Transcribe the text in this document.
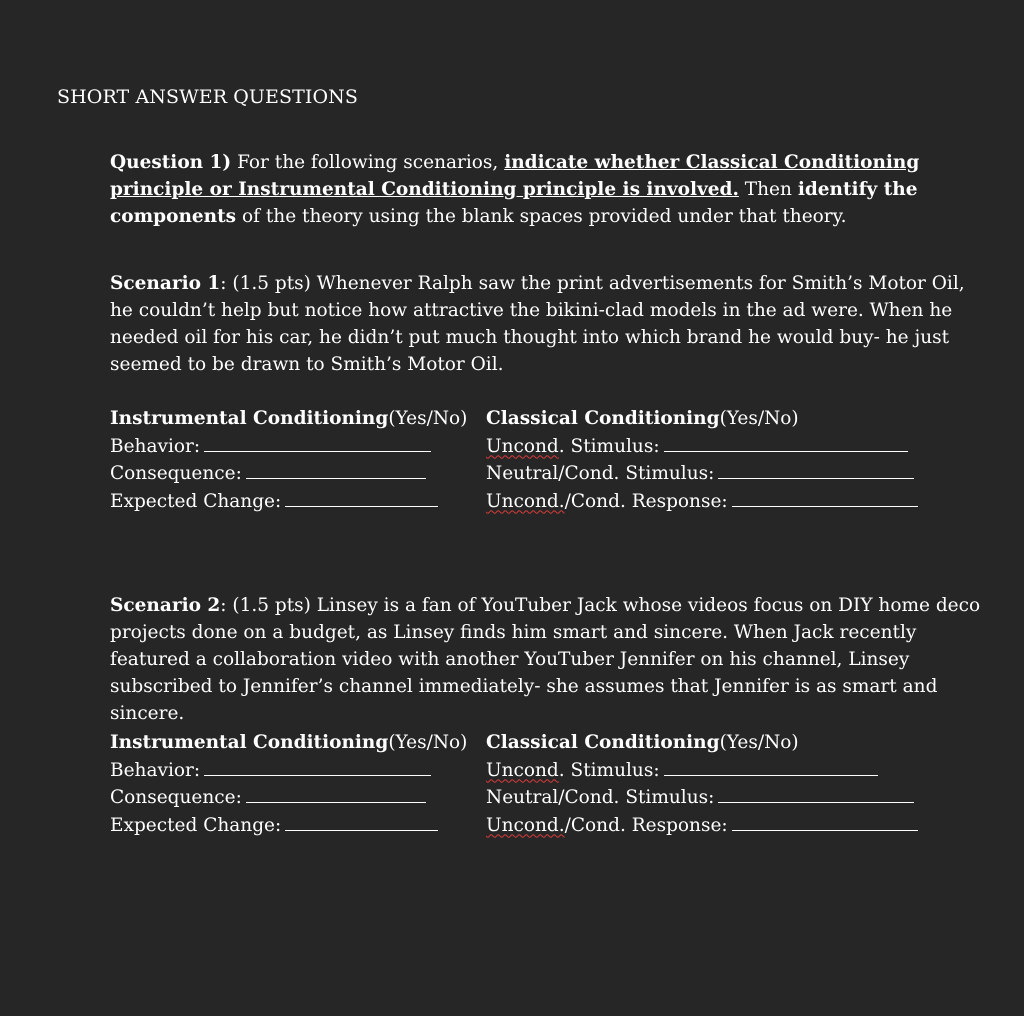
SHORT ANSWER QUESTIONS
Question 1) For the following scenarios, indicate whether Classical Conditioning principle or Instrumental Conditioning principle is involved. Then identify the components of the theory using the blank spaces provided under that theory.
Scenario 1: (1.5 pts) Whenever Ralph saw the print advertisements for Smith’s Motor Oil, he couldn’t help but notice how attractive the bikini-clad models in the ad were. When he needed oil for his car, he didn’t put much thought into which brand he would buy- he just seemed to be drawn to Smith’s Motor Oil.
Instrumental Conditioning (Yes/No)
Behavior:
Consequence:
Expected Change:
Classical Conditioning (Yes/No)
Uncond . Stimulus:
Neutral/Cond. Stimulus:
Uncond. /Cond. Response:
Scenario 2: (1.5 pts) Linsey is a fan of YouTuber Jack whose videos focus on DIY home deco projects done on a budget, as Linsey finds him smart and sincere. When Jack recently featured a collaboration video with another YouTuber Jennifer on his channel, Linsey subscribed to Jennifer’s channel immediately- she assumes that Jennifer is as smart and sincere.
Instrumental Conditioning (Yes/No)
Behavior:
Consequence:
Expected Change:
Classical Conditioning (Yes/No)
Uncond . Stimulus:
Neutral/Cond. Stimulus:
Uncond. /Cond. Response:
